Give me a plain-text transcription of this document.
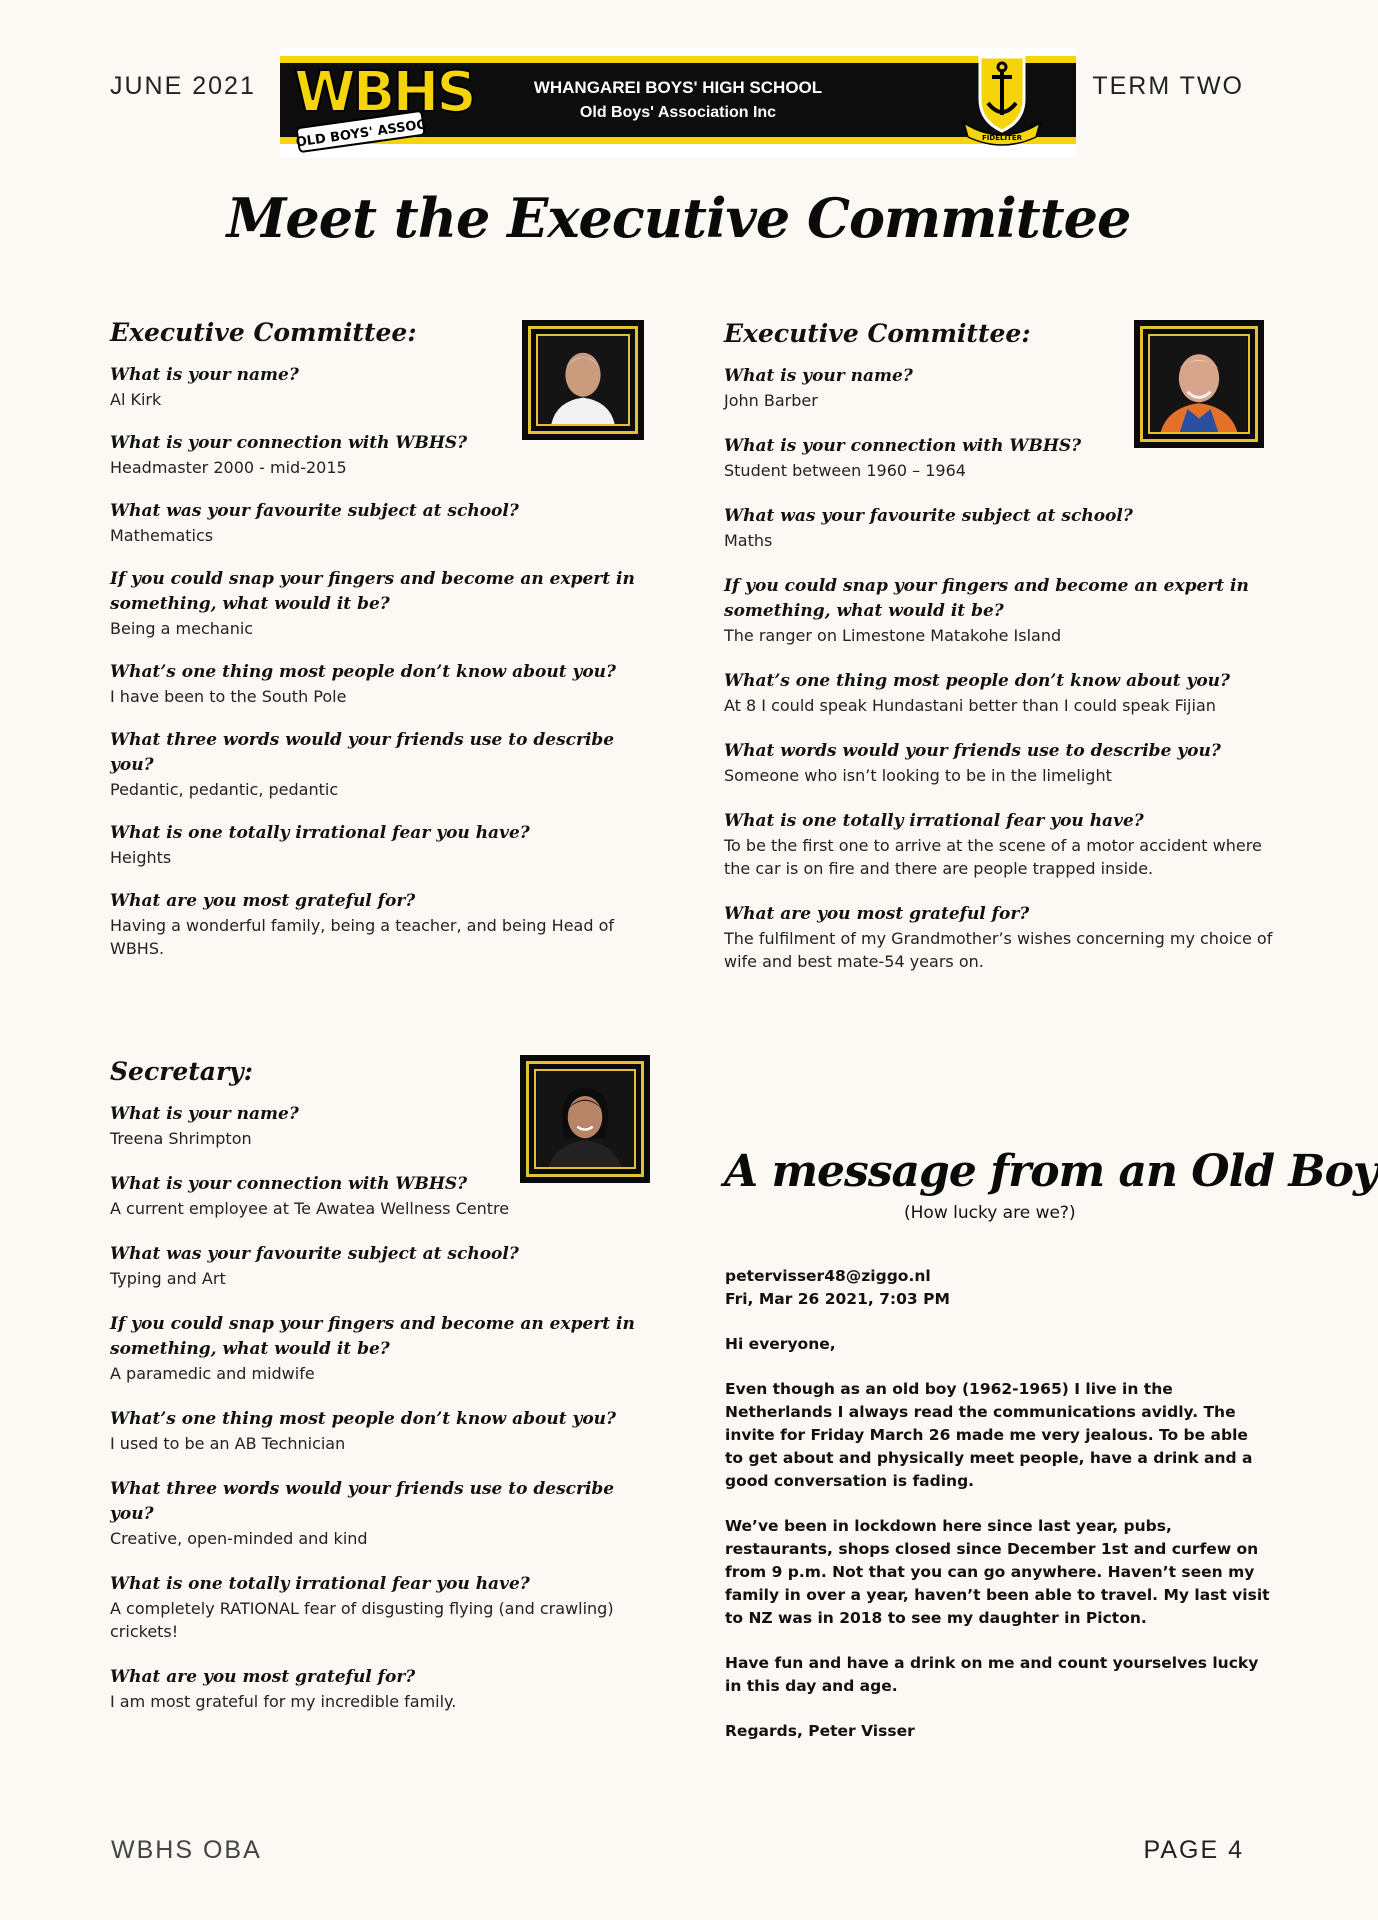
JUNE 2021	TERM TWO
WBHS
OLD BOYS' ASSOC
WHANGAREI BOYS' HIGH SCHOOL
Old Boys' Association Inc
FIDELITER
Meet the Executive Committee
Executive Committee:
What is your name?
Al Kirk
What is your connection with WBHS?
Headmaster 2000 - mid-2015
What was your favourite subject at school?
Mathematics
If you could snap your fingers and become an expert in something, what would it be?
Being a mechanic
What’s one thing most people don’t know about you?
I have been to the South Pole
What three words would your friends use to describe you?
Pedantic, pedantic, pedantic
What is one totally irrational fear you have?
Heights
What are you most grateful for?
Having a wonderful family, being a teacher, and being Head of WBHS.
Executive Committee:
What is your name?
John Barber
What is your connection with WBHS?
Student between 1960 – 1964
What was your favourite subject at school?
Maths
If you could snap your fingers and become an expert in something, what would it be?
The ranger on Limestone Matakohe Island
What’s one thing most people don’t know about you?
At 8 I could speak Hundastani better than I could speak Fijian
What words would your friends use to describe you?
Someone who isn’t looking to be in the limelight
What is one totally irrational fear you have?
To be the first one to arrive at the scene of a motor accident where the car is on fire and there are people trapped inside.
What are you most grateful for?
The fulfilment of my Grandmother’s wishes concerning my choice of wife and best mate-54 years on.
Secretary:
What is your name?
Treena Shrimpton
What is your connection with WBHS?
A current employee at Te Awatea Wellness Centre
What was your favourite subject at school?
Typing and Art
If you could snap your fingers and become an expert in something, what would it be?
A paramedic and midwife
What’s one thing most people don’t know about you?
I used to be an AB Technician
What three words would your friends use to describe you?
Creative, open-minded and kind
What is one totally irrational fear you have?
A completely RATIONAL fear of disgusting flying (and crawling) crickets!
What are you most grateful for?
I am most grateful for my incredible family.
A message from an Old Boy
(How lucky are we?)

petervisser48@ziggo.nl
Fri, Mar 26 2021, 7:03 PM

Hi everyone,

Even though as an old boy (1962-1965) I live in the Netherlands I always read the communications avidly. The invite for Friday March 26 made me very jealous. To be able to get about and physically meet people, have a drink and a good conversation is fading.

We’ve been in lockdown here since last year, pubs, restaurants, shops closed since December 1st and curfew on from 9 p.m. Not that you can go anywhere. Haven’t seen my family in over a year, haven’t been able to travel. My last visit to NZ was in 2018 to see my daughter in Picton.

Have fun and have a drink on me and count yourselves lucky in this day and age.

Regards, Peter Visser

WBHS OBA	PAGE 4
